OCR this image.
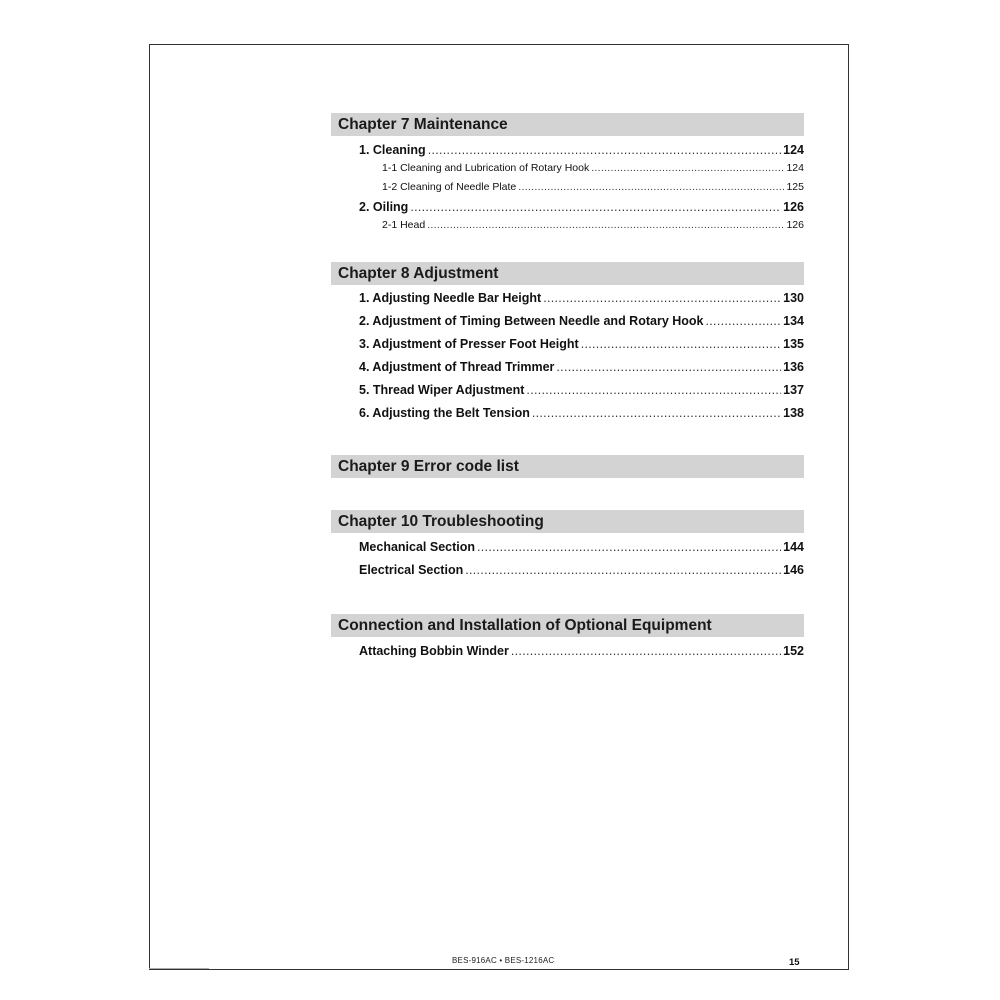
Chapter 7 Maintenance
1. Cleaning .....	124
1-1 Cleaning and Lubrication of Rotary Hook .....	124
1-2 Cleaning of Needle Plate .....	125
2. Oiling .....	126
2-1 Head .....	126
Chapter 8 Adjustment
1. Adjusting Needle Bar Height .....	130
2. Adjustment of Timing Between Needle and Rotary Hook .....	134
3. Adjustment of Presser Foot Height .....	135
4. Adjustment of Thread Trimmer .....	136
5. Thread Wiper Adjustment .....	137
6. Adjusting the Belt Tension .....	138
Chapter 9 Error code list
Chapter 10 Troubleshooting
Mechanical Section .....	144
Electrical Section .....	146
Connection and Installation of Optional Equipment
Attaching Bobbin Winder .....	152
BES-916AC • BES-1216AC	15
